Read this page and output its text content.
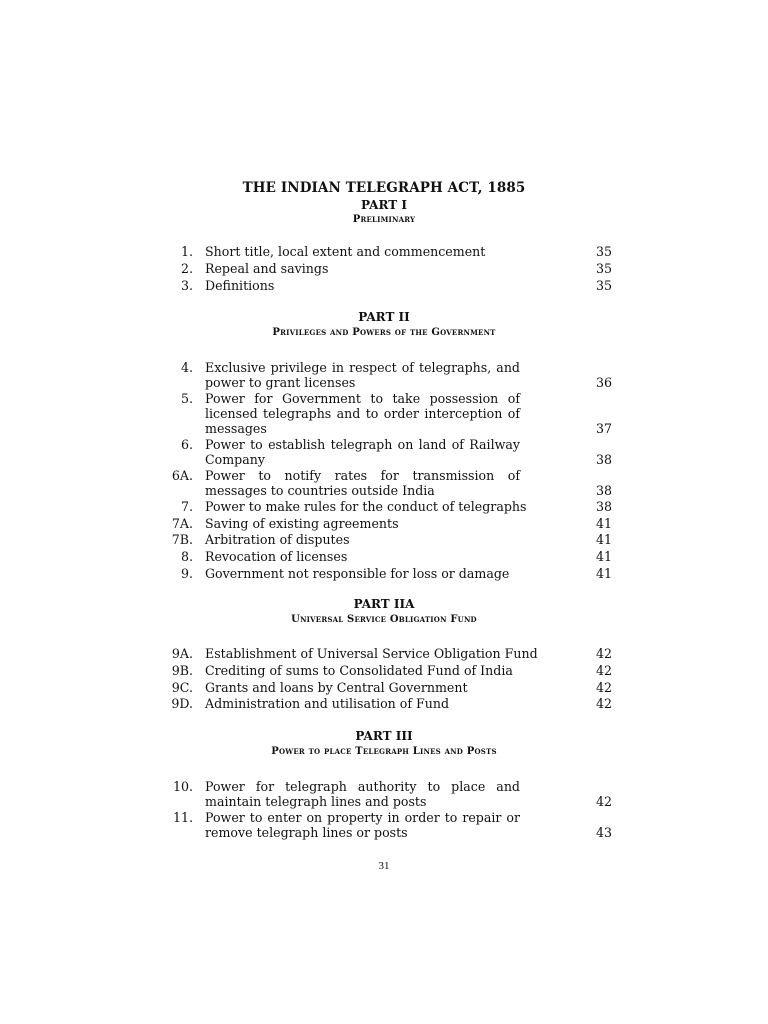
THE INDIAN TELEGRAPH ACT, 1885
PART I
Preliminary
1. Short title, local extent and commencement	35
2. Repeal and savings	35
3. Definitions	35
PART II
Privileges and Powers of the Government
4. Exclusive privilege in respect of telegraphs, and power to grant licenses	36
5. Power for Government to take possession of licensed telegraphs and to order interception of messages	37
6. Power to establish telegraph on land of Railway Company	38
6A. Power to notify rates for transmission of messages to countries outside India	38
7. Power to make rules for the conduct of telegraphs	38
7A. Saving of existing agreements	41
7B. Arbitration of disputes	41
8. Revocation of licenses	41
9. Government not responsible for loss or damage	41
PART IIA
Universal Service Obligation Fund
9A. Establishment of Universal Service Obligation Fund	42
9B. Crediting of sums to Consolidated Fund of India	42
9C. Grants and loans by Central Government	42
9D. Administration and utilisation of Fund	42
PART III
Power to place Telegraph Lines and Posts
10. Power for telegraph authority to place and maintain telegraph lines and posts	42
11. Power to enter on property in order to repair or remove telegraph lines or posts	43
31
